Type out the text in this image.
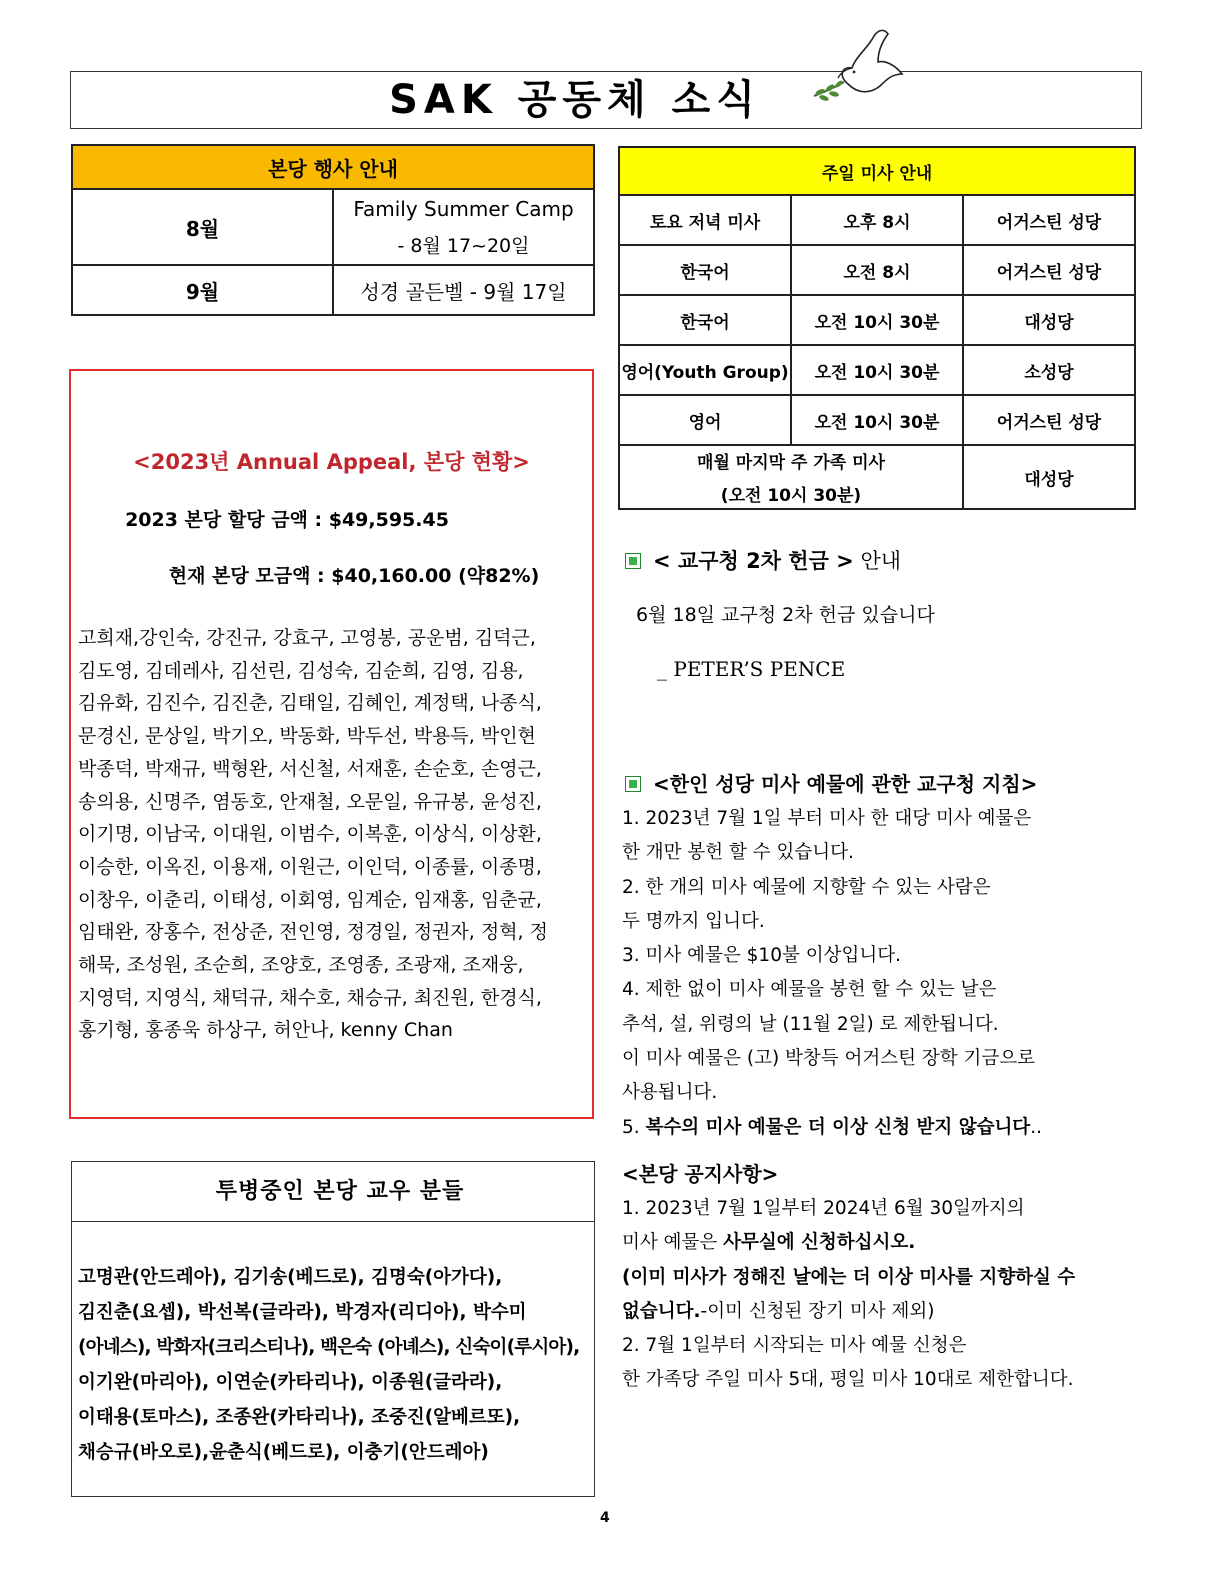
SAK 공동체 소식
본당 행사 안내	
8월	Family Summer Camp
- 8월 17~20일

9월	성경 골든벨 - 9월 17일
주일 미사 안내		
토요 저녁 미사	오후 8시	어거스틴 성당
한국어	오전 8시	어거스틴 성당
한국어	오전 10시 30분	대성당
영어(Youth Group)	오전 10시 30분	소성당
영어	오전 10시 30분	어거스틴 성당

매월 마지막 주 가족 미사
(오전 10시 30분)		대성당
<2023년 Annual Appeal, 본당 현황>
2023 본당 할당 금액 : $49,595.45
현재 본당 모금액 : $40,160.00 (약82%)
고희재,강인숙, 강진규, 강효구, 고영봉, 공운범, 김덕근,
김도영, 김데레사, 김선린, 김성숙, 김순희, 김영, 김용,
김유화, 김진수, 김진춘, 김태일, 김혜인, 계정택, 나종식,
문경신, 문상일, 박기오, 박동화, 박두선, 박용득, 박인현
박종덕, 박재규, 백형완, 서신철, 서재훈, 손순호, 손영근,
송의용, 신명주, 염동호, 안재철, 오문일, 유규봉, 윤성진,
이기명, 이남국, 이대원, 이범수, 이복훈, 이상식, 이상환,
이승한, 이옥진, 이용재, 이원근, 이인덕, 이종률, 이종명,
이창우, 이춘리, 이태성, 이회영, 임계순, 임재홍, 임춘균,
임태완, 장홍수, 전상준, 전인영, 정경일, 정권자, 정혁, 정
해묵, 조성원, 조순희, 조양호, 조영종, 조광재, 조재웅,
지영덕, 지영식, 채덕규, 채수호, 채승규, 최진원, 한경식,
홍기형, 홍종욱 하상구, 허안나, kenny Chan
투병중인 본당 교우 분들
고명관(안드레아), 김기송(베드로), 김명숙(아가다),
김진춘(요셉), 박선복(글라라), 박경자(리디아), 박수미
(아네스), 박화자(크리스티나), 백은숙 (아녜스), 신숙이(루시아),
이기완(마리아), 이연순(카타리나), 이종원(글라라),
이태용(토마스), 조종완(카타리나), 조중진(알베르또),
채승규(바오로),윤춘식(베드로), 이충기(안드레아)
< 교구청 2차 헌금 > 안내
6월 18일 교구청 2차 헌금 있습니다
_ PETER’S PENCE
<한인 성당 미사 예물에 관한 교구청 지침>
1. 2023년 7월 1일 부터 미사 한 대당 미사 예물은
한 개만 봉헌 할 수 있습니다.
2. 한 개의 미사 예물에 지향할 수 있는 사람은
두 명까지 입니다.
3. 미사 예물은 $10불 이상입니다.
4. 제한 없이 미사 예물을 봉헌 할 수 있는 날은
추석, 설, 위령의 날 (11월 2일) 로 제한됩니다.
이 미사 예물은 (고) 박창득 어거스틴 장학 기금으로
사용됩니다.
5. 복수의 미사 예물은 더 이상 신청 받지 않습니다..
<본당 공지사항>
1. 2023년 7월 1일부터 2024년 6월 30일까지의
미사 예물은 사무실에 신청하십시오.
(이미 미사가 정해진 날에는 더 이상 미사를 지향하실 수
없습니다.-이미 신청된 장기 미사 제외)
2. 7월 1일부터 시작되는 미사 예물 신청은
한 가족당 주일 미사 5대, 평일 미사 10대로 제한합니다.
4
